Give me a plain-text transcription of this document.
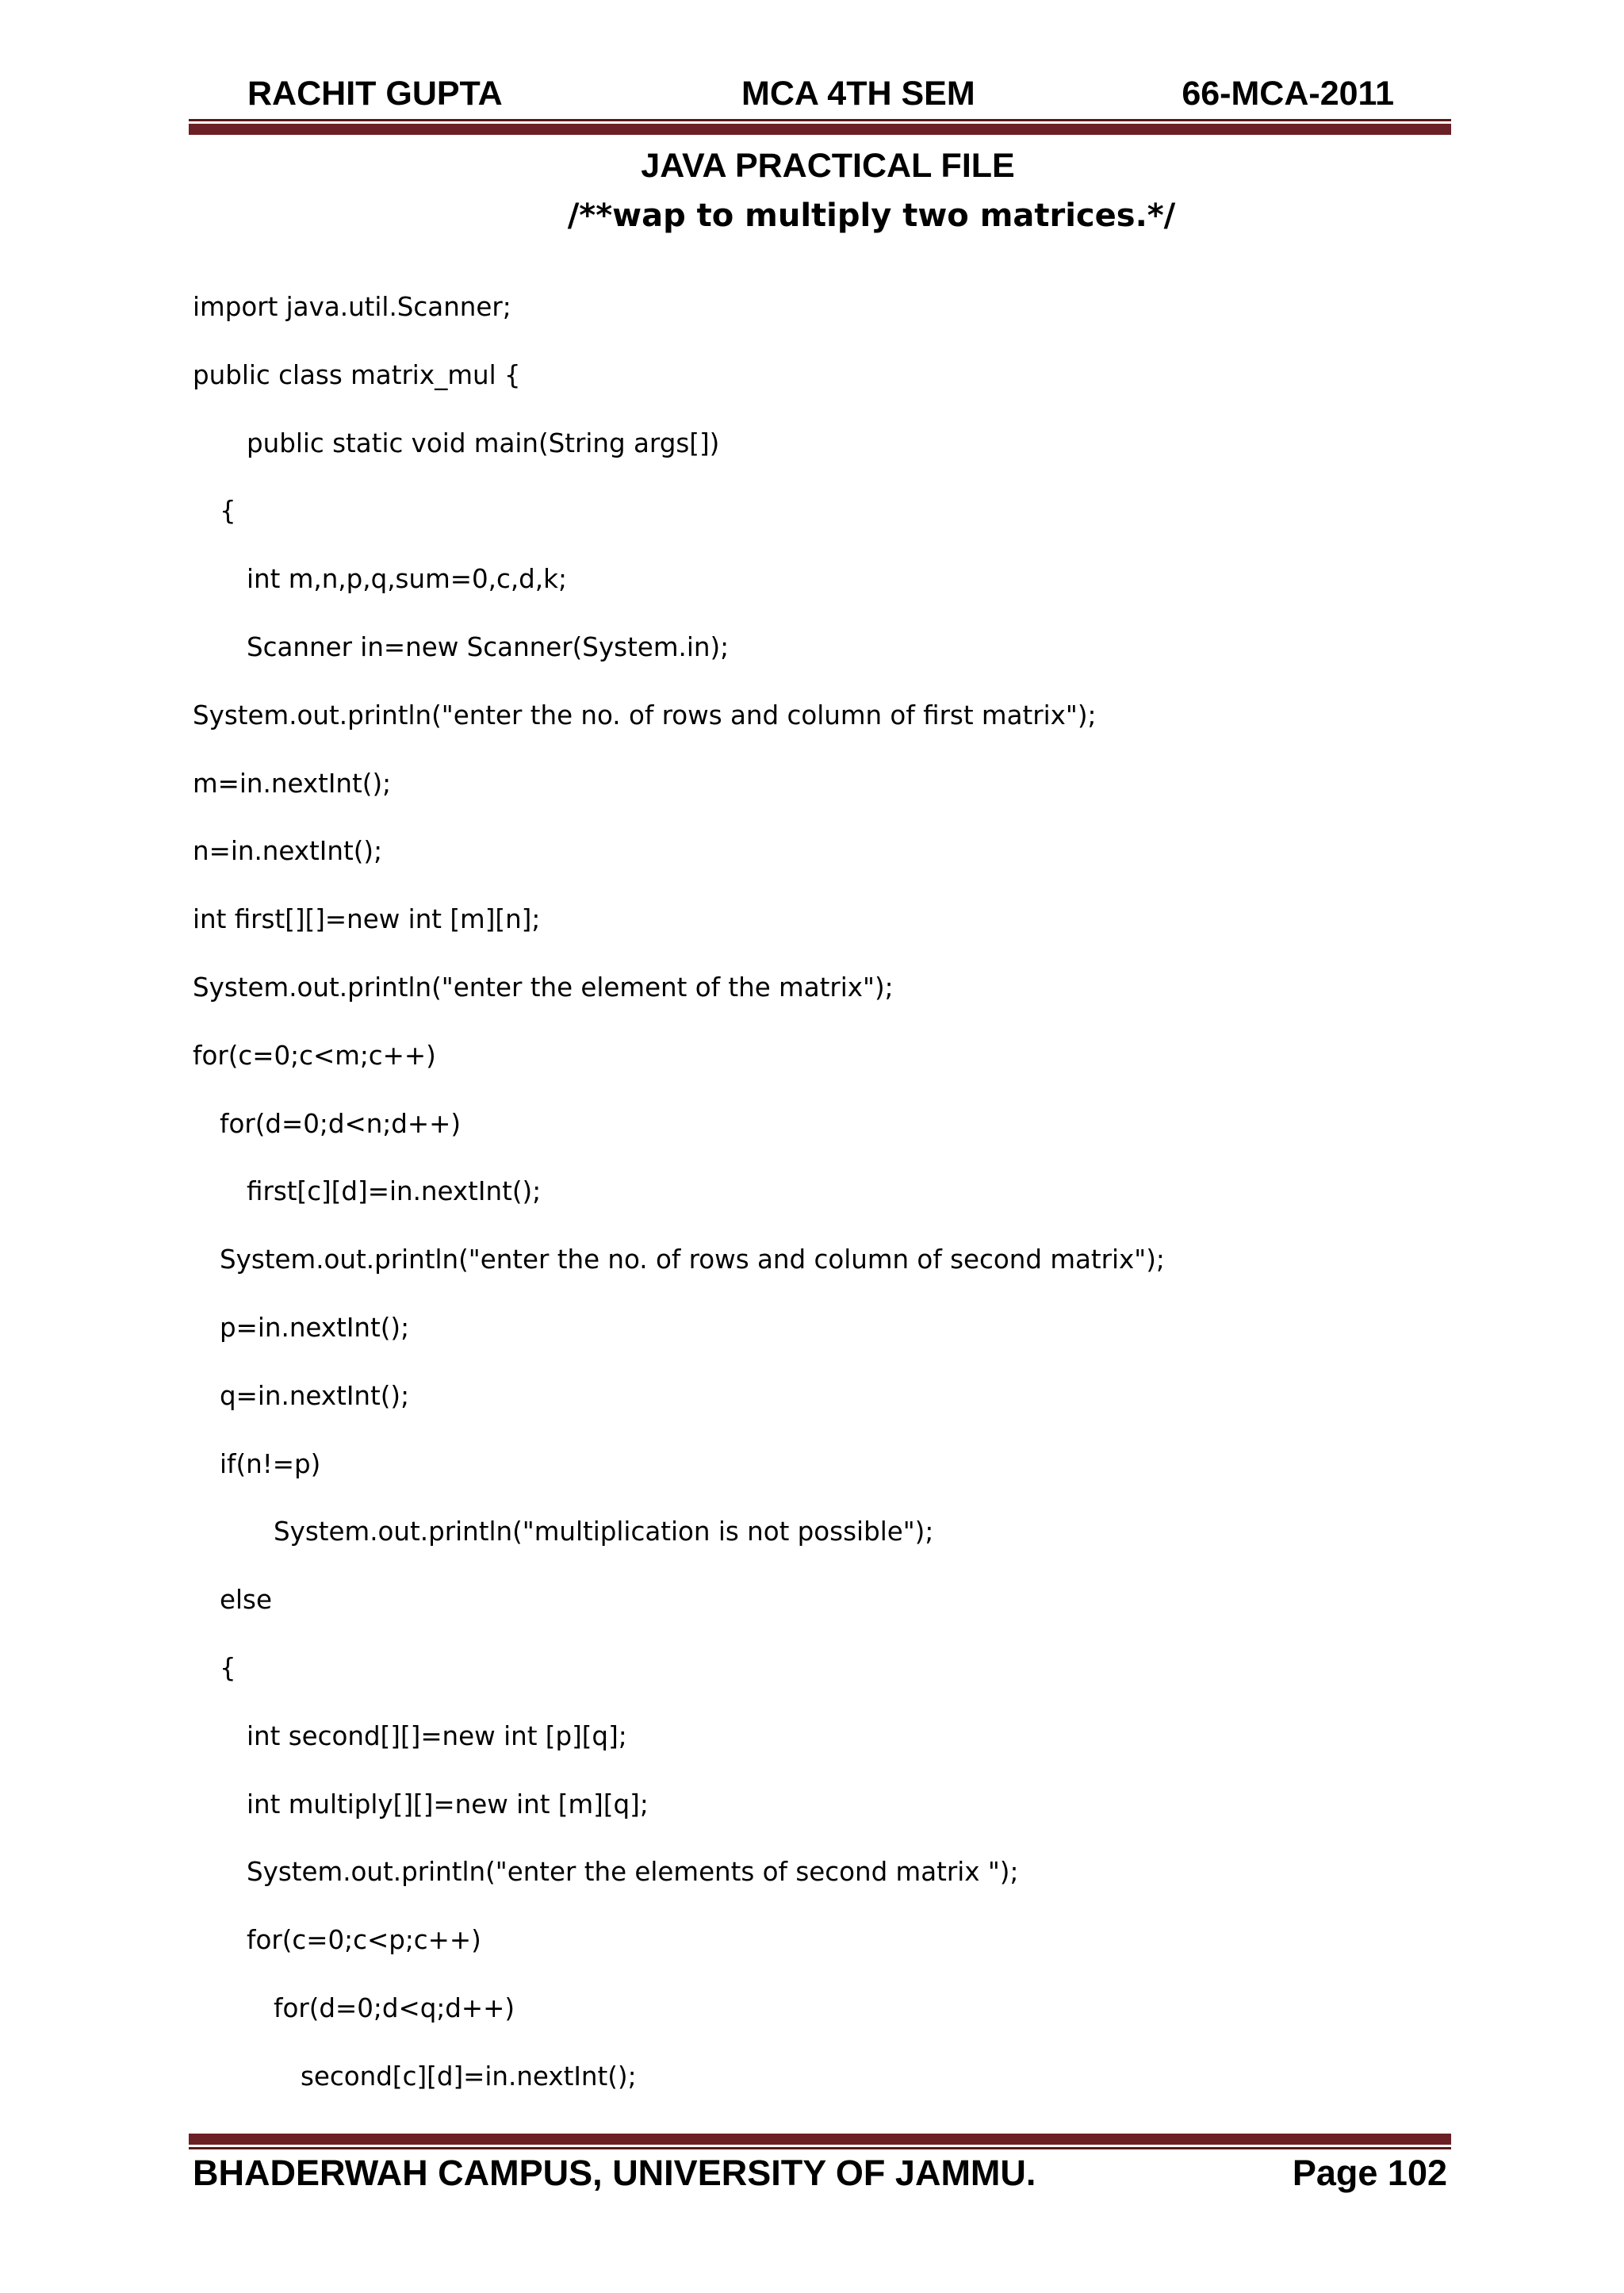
RACHIT GUPTA	MCA 4TH SEM	66-MCA-2011
JAVA PRACTICAL FILE
/**wap to multiply two matrices.*/
import java.util.Scanner;
public class matrix_mul {
public static void main(String args[])
{
int m,n,p,q,sum=0,c,d,k;
Scanner in=new Scanner(System.in);
System.out.println("enter the no. of rows and column of first matrix");
m=in.nextInt();
n=in.nextInt();
int first[][]=new int [m][n];
System.out.println("enter the element of the matrix");
for(c=0;c<m;c++)
for(d=0;d<n;d++)
first[c][d]=in.nextInt();
System.out.println("enter the no. of rows and column of second matrix");
p=in.nextInt();
q=in.nextInt();
if(n!=p)
System.out.println("multiplication is not possible");
else
{
int second[][]=new int [p][q];
int multiply[][]=new int [m][q];
System.out.println("enter the elements of second matrix ");
for(c=0;c<p;c++)
for(d=0;d<q;d++)
second[c][d]=in.nextInt();
BHADERWAH CAMPUS, UNIVERSITY OF JAMMU.	Page 102
